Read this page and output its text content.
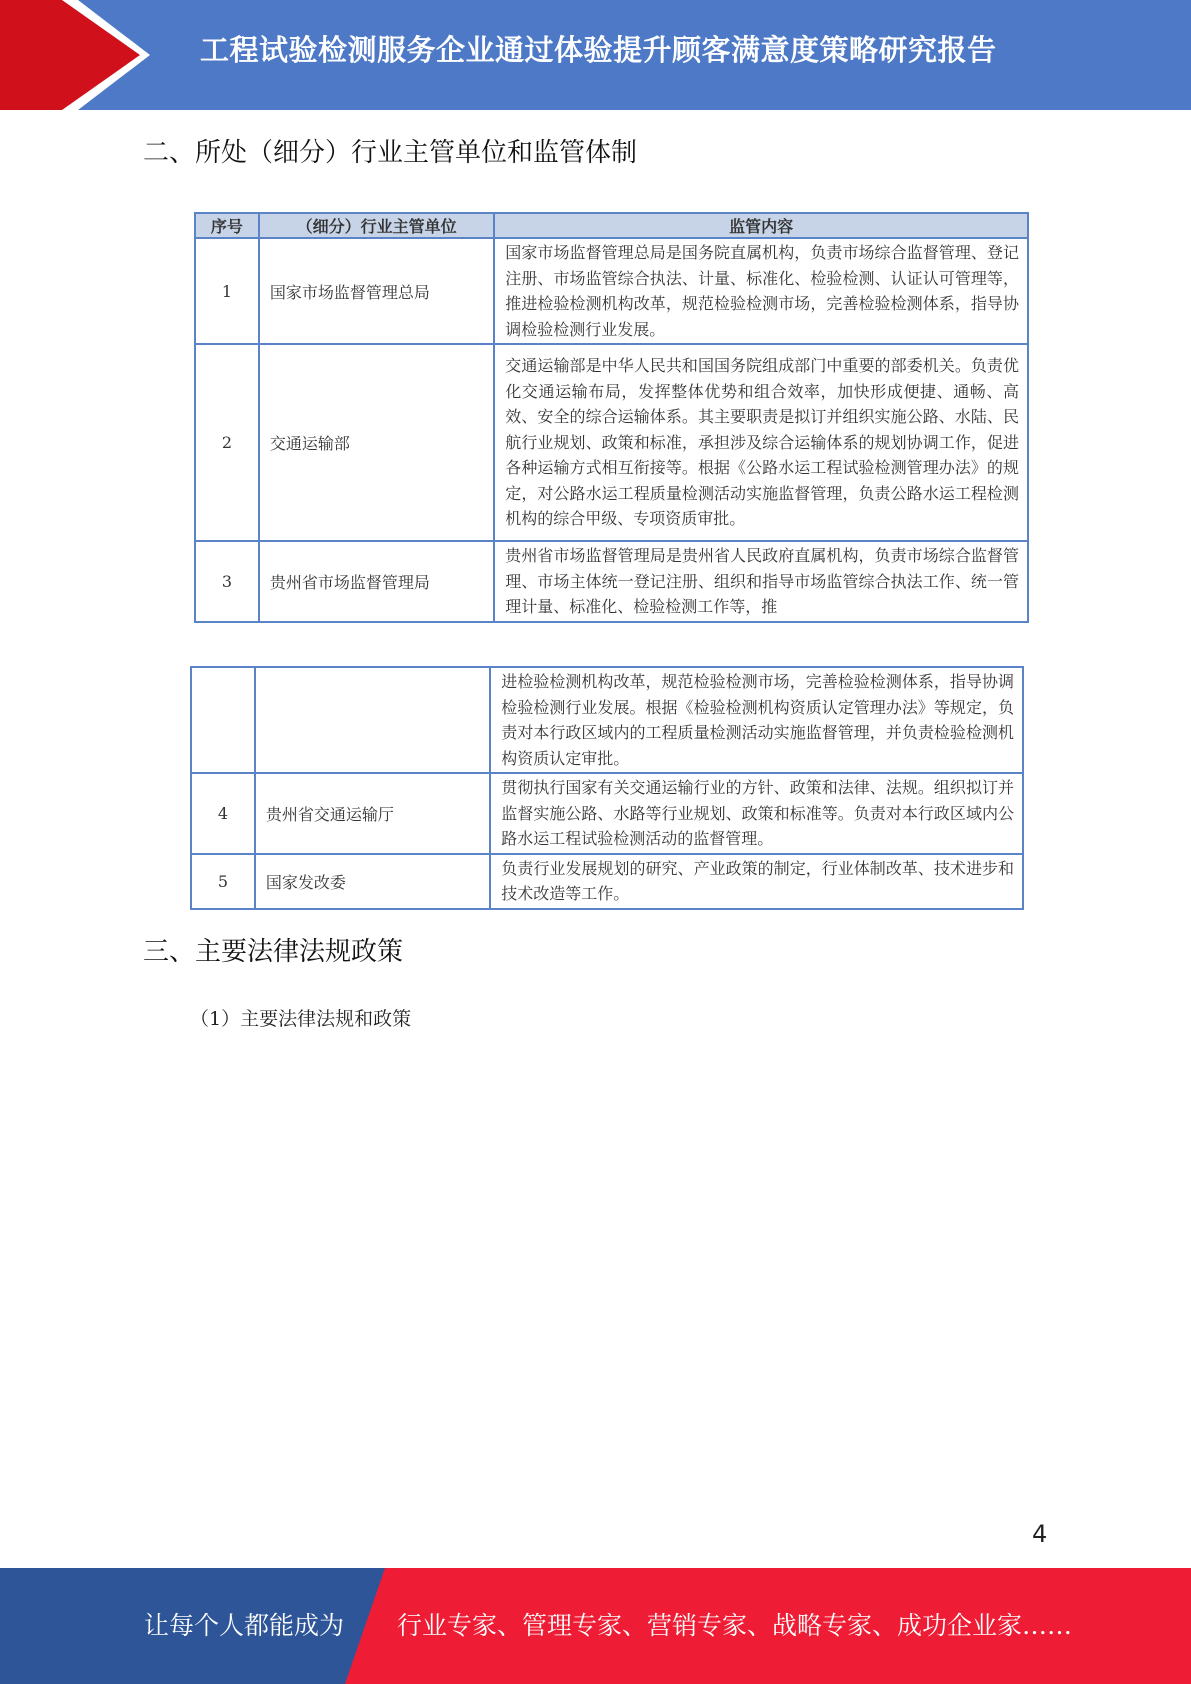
工程试验检测服务企业通过体验提升顾客满意度策略研究报告
二、所处（细分）行业主管单位和监管体制
序号	（细分）行业主管单位	监管内容
1	国家市场监督管理总局	国家市场监督管理总局是国务院直属机构，负责市场综合监督管理、登记注册、市场监管综合执法、计量、标准化、检验检测、认证认可管理等，推进检验检测机构改革，规范检验检测市场，完善检验检测体系，指导协调检验检测行业发展。
2	交通运输部	交通运输部是中华人民共和国国务院组成部门中重要的部委机关。负责优化交通运输布局，发挥整体优势和组合效率，加快形成便捷、通畅、高效、安全的综合运输体系。其主要职责是拟订并组织实施公路、水陆、民航行业规划、政策和标准，承担涉及综合运输体系的规划协调工作，促进各种运输方式相互衔接等。根据《公路水运工程试验检测管理办法》的规定，对公路水运工程质量检测活动实施监督管理，负责公路水运工程检测机构的综合甲级、专项资质审批。
3	贵州省市场监督管理局	贵州省市场监督管理局是贵州省人民政府直属机构，负责市场综合监督管理、市场主体统一登记注册、组织和指导市场监管综合执法工作、统一管理计量、标准化、检验检测工作等，推
		进检验检测机构改革，规范检验检测市场，完善检验检测体系，指导协调检验检测行业发展。根据《检验检测机构资质认定管理办法》等规定，负责对本行政区域内的工程质量检测活动实施监督管理，并负责检验检测机构资质认定审批。
4	贵州省交通运输厅	贯彻执行国家有关交通运输行业的方针、政策和法律、法规。组织拟订并监督实施公路、水路等行业规划、政策和标准等。负责对本行政区域内公路水运工程试验检测活动的监督管理。
5	国家发改委	负责行业发展规划的研究、产业政策的制定，行业体制改革、技术进步和技术改造等工作。
三、主要法律法规政策
（1）主要法律法规和政策
4
让每个人都能成为 行业专家、管理专家、营销专家、战略专家、成功企业家……
